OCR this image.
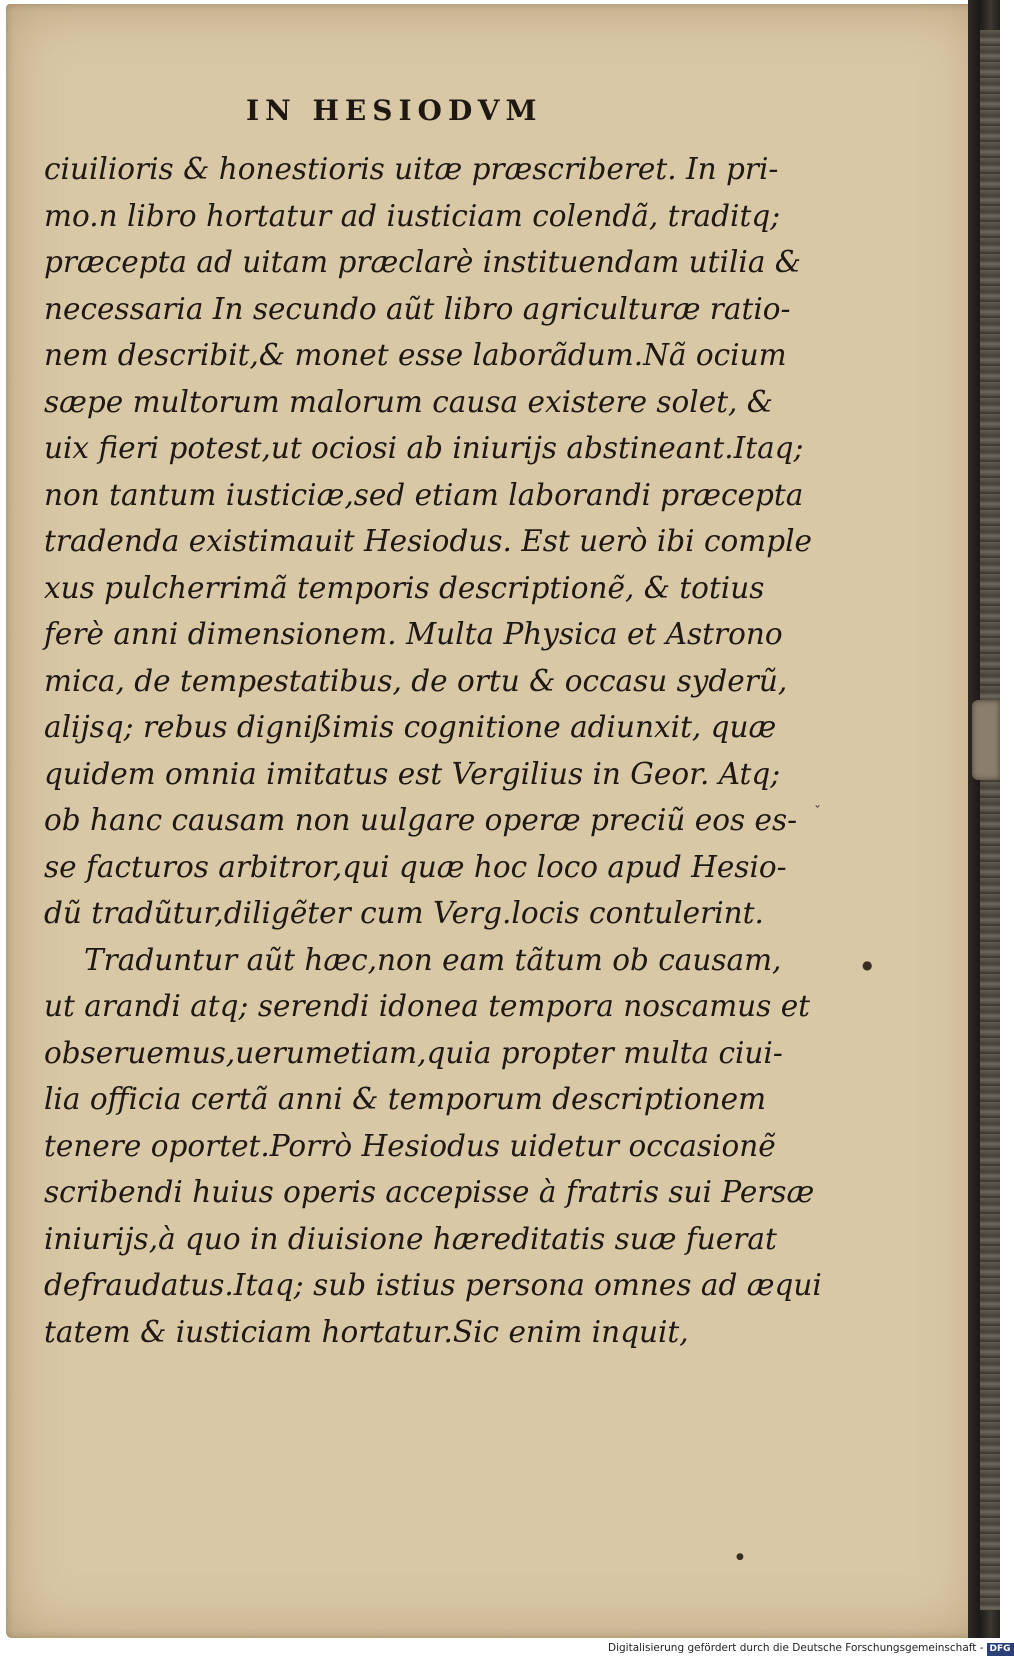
IN HESIODVM
ciuilioris & honestioris uitæ præscriberet. In pri-
mo.n libro hortatur ad iusticiam colendã, traditq;
præcepta ad uitam præclarè instituendam utilia &
necessaria In secundo aũt libro agriculturæ ratio-
nem describit,& monet esse laborãdum.Nã ocium
sæpe multorum malorum causa existere solet, &
uix fieri potest,ut ociosi ab iniurijs abstineant.Itaq;
non tantum iusticiæ,sed etiam laborandi præcepta
tradenda existimauit Hesiodus. Est uerò ibi comple
xus pulcherrimã temporis descriptionẽ, & totius
ferè anni dimensionem. Multa Physica et Astrono
mica, de tempestatibus, de ortu & occasu syderũ,
alijsq; rebus dignißimis cognitione adiunxit, quæ
quidem omnia imitatus est Vergilius in Geor. Atq;
ob hanc causam non uulgare operæ preciũ eos es-
se facturos arbitror,qui quæ hoc loco apud Hesio-
dũ tradũtur,diligẽter cum Verg.locis contulerint.
Traduntur aũt hæc,non eam tãtum ob causam,
ut arandi atq; serendi idonea tempora noscamus et
obseruemus,uerumetiam,quia propter multa ciui-
lia officia certã anni & temporum descriptionem
tenere oportet.Porrò Hesiodus uidetur occasionẽ
scribendi huius operis accepisse à fratris sui Persæ
iniurijs,à quo in diuisione hæreditatis suæ fuerat
defraudatus.Itaq; sub istius persona omnes ad æqui
tatem & iusticiam hortatur.Sic enim inquit,
●
●
ˇ
Digitalisierung gefördert durch die Deutsche Forschungsgemeinschaft - DFG
